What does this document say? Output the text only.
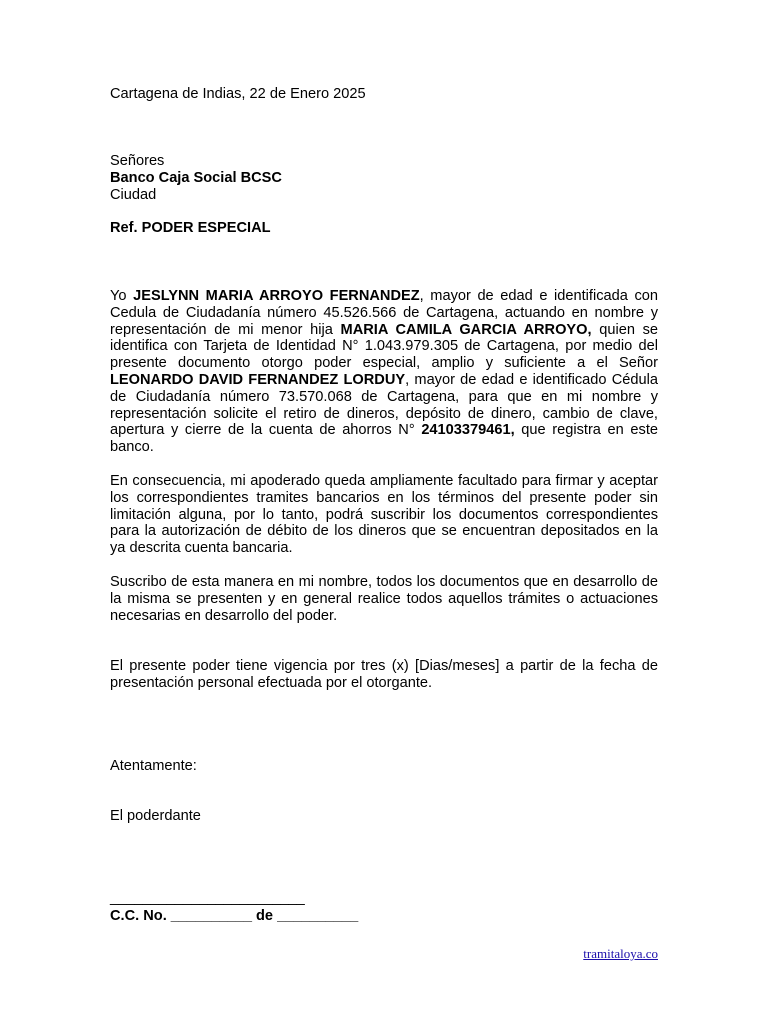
Cartagena de Indias, 22 de Enero 2025

Señores
Banco Caja Social BCSC
Ciudad

Ref. PODER ESPECIAL

Yo JESLYNN MARIA ARROYO FERNANDEZ, mayor de edad e identificada con Cedula de Ciudadanía número 45.526.566 de Cartagena, actuando en nombre y representación de mi menor hija MARIA CAMILA GARCIA ARROYO, quien se identifica con Tarjeta de Identidad N° 1.043.979.305 de Cartagena, por medio del presente documento otorgo poder especial, amplio y suficiente a el Señor LEONARDO DAVID FERNANDEZ LORDUY, mayor de edad e identificado Cédula de Ciudadanía número 73.570.068 de Cartagena, para que en mi nombre y representación solicite el retiro de dineros, depósito de dinero, cambio de clave, apertura y cierre de la cuenta de ahorros N° 24103379461, que registra en este banco.

En consecuencia, mi apoderado queda ampliamente facultado para firmar y aceptar los correspondientes tramites bancarios en los términos del presente poder sin limitación alguna, por lo tanto, podrá suscribir los documentos correspondientes para la autorización de débito de los dineros que se encuentran depositados en la ya descrita cuenta bancaria.

Suscribo de esta manera en mi nombre, todos los documentos que en desarrollo de la misma se presenten y en general realice todos aquellos trámites o actuaciones necesarias en desarrollo del poder.

El presente poder tiene vigencia por tres (x) [Dias/meses] a partir de la fecha de presentación personal efectuada por el otorgante.

Atentamente:

El poderdante

________________________

C.C. No. __________ de __________

tramitaloya.co
